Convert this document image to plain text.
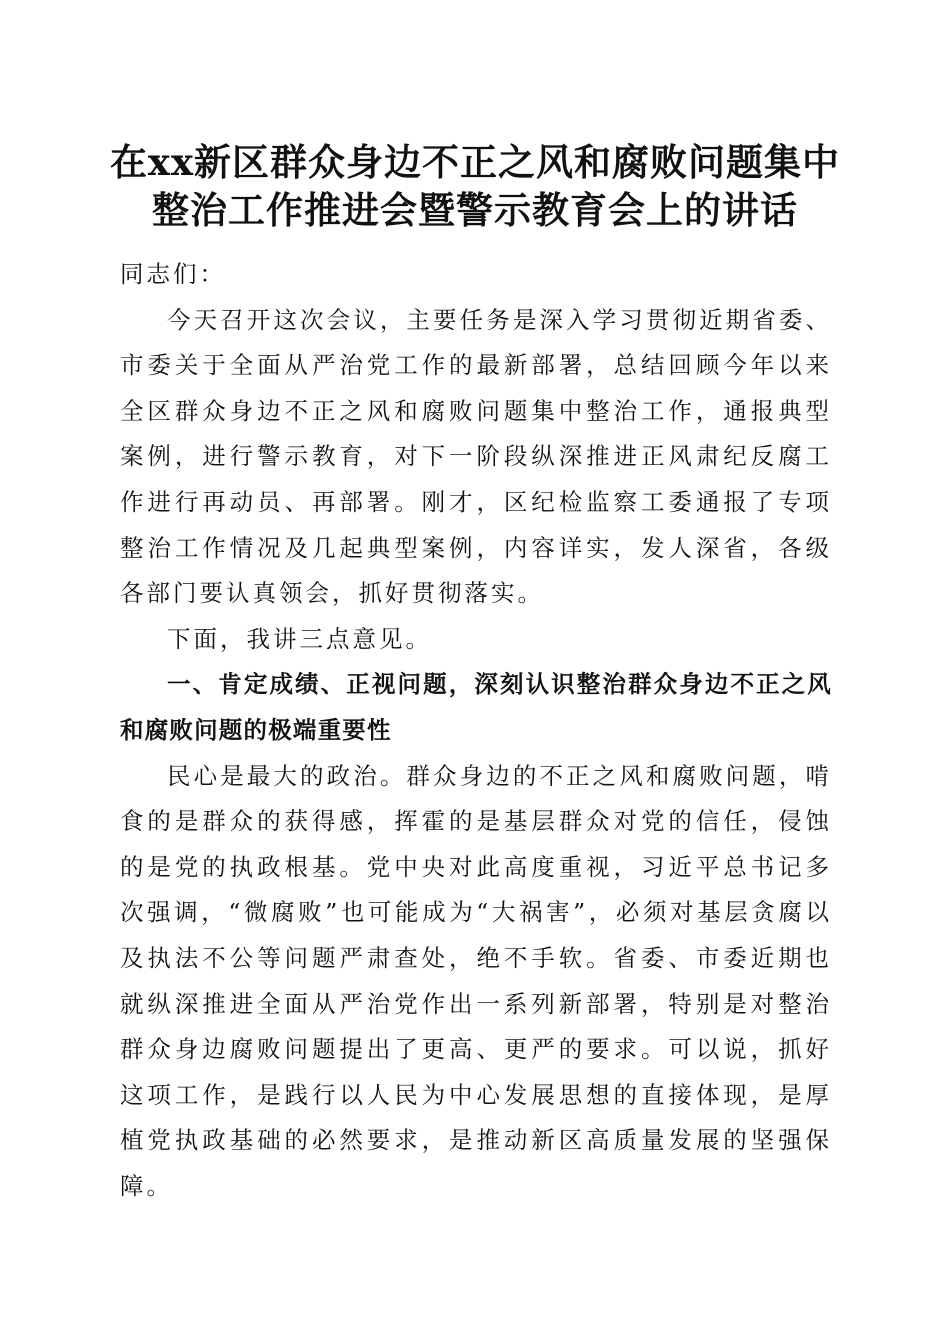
在xx新区群众身边不正之风和腐败问题集中
整治工作推进会暨警示教育会上的讲话

同志们：

今天召开这次会议，主要任务是深入学习贯彻近期省委、市委关于全面从严治党工作的最新部署，总结回顾今年以来全区群众身边不正之风和腐败问题集中整治工作，通报典型案例，进行警示教育，对下一阶段纵深推进正风肃纪反腐工作进行再动员、再部署。刚才，区纪检监察工委通报了专项整治工作情况及几起典型案例，内容详实，发人深省，各级各部门要认真领会，抓好贯彻落实。

下面，我讲三点意见。

一、肯定成绩、正视问题，深刻认识整治群众身边不正之风和腐败问题的极端重要性

民心是最大的政治。群众身边的不正之风和腐败问题，啃食的是群众的获得感，挥霍的是基层群众对党的信任，侵蚀的是党的执政根基。党中央对此高度重视，习近平总书记多次强调，“微腐败”也可能成为“大祸害”，必须对基层贪腐以及执法不公等问题严肃查处，绝不手软。省委、市委近期也就纵深推进全面从严治党作出一系列新部署，特别是对整治群众身边腐败问题提出了更高、更严的要求。可以说，抓好这项工作，是践行以人民为中心发展思想的直接体现，是厚植党执政基础的必然要求，是推动新区高质量发展的坚强保障。
